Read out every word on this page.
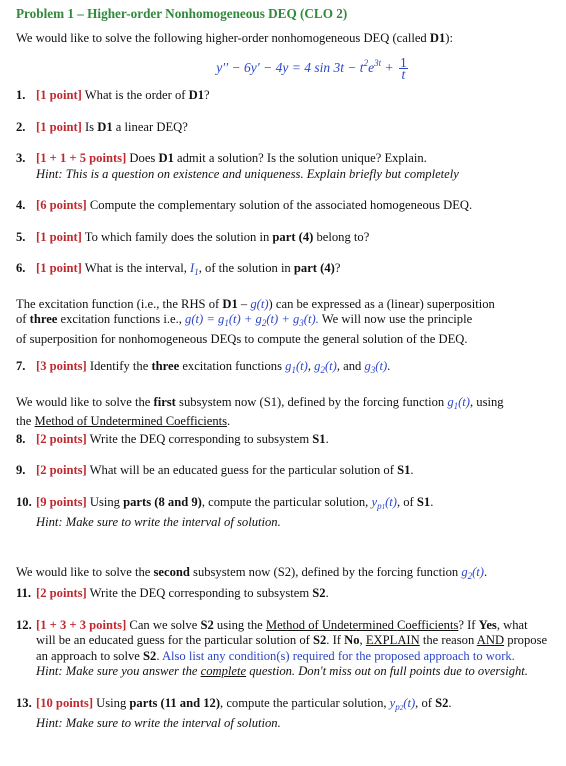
Problem 1 – Higher-order Nonhomogeneous DEQ (CLO 2)

We would like to solve the following higher-order nonhomogeneous DEQ (called D1):

y′′ − 6y′ − 4y = 4 $\sin 3t - t^2e^{3t} + \frac{1}{t}$
1. [1 point] What is the order of D1?
2. [1 point] Is D1 a linear DEQ?
3. [1 + 1 + 5 points] Does D1 admit a solution? Is the solution unique? Explain.
Hint: This is a question on existence and uniqueness. Explain briefly but completely
4. [6 points] Compute the complementary solution of the associated homogeneous DEQ.
5. [1 point] To which family does the solution in part (4) belong to?
6. [1 point] What is the interval, $I_1$, of the solution in part (4)?

The excitation function (i.e., the RHS of D1 – g(t)) can be expressed as a (linear) superposition
of three excitation functions i.e., $g(t) = g_1(t) + g_2(t) + g_3(t)$. We will now use the principle
of superposition for nonhomogeneous DEQs to compute the general solution of the DEQ.

7. [3 points] Identify the three excitation functions $g_1(t)$, $g_2(t)$, and $g_3(t)$.

We would like to solve the first subsystem now (S1), defined by the forcing function $g_1(t)$, using
the Method of Undetermined Coefficients.

8. [2 points] Write the DEQ corresponding to subsystem S1.
9. [2 points] What will be an educated guess for the particular solution of S1.
10. [9 points] Using parts (8 and 9), compute the particular solution, $y_{p1}(t)$, of S1.
Hint: Make sure to write the interval of solution.

We would like to solve the second subsystem now (S2), defined by the forcing function $g_2(t)$.

11. [2 points] Write the DEQ corresponding to subsystem S2.
12. [1 + 3 + 3 points] Can we solve S2 using the Method of Undetermined Coefficients? If Yes, what will be an educated guess for the particular solution of S2. If No, EXPLAIN the reason AND propose an approach to solve S2. Also list any condition(s) required for the proposed approach to work.
Hint: Make sure you answer the complete question. Don't miss out on full points due to oversight.
13. [10 points] Using parts (11 and 12), compute the particular solution, $y_{p2}(t)$, of S2.
Hint: Make sure to write the interval of solution.
